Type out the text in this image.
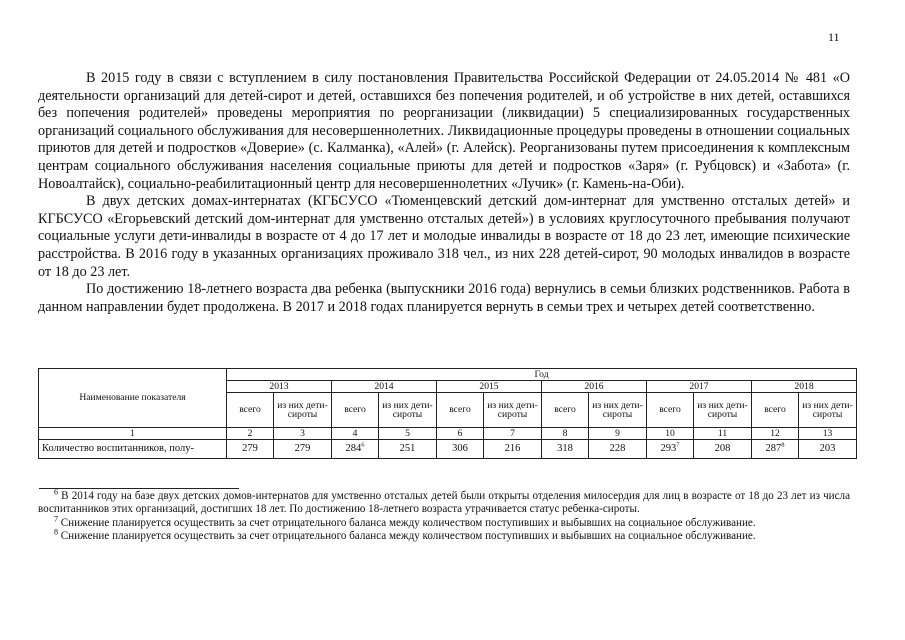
11

В 2015 году в связи с вступлением в силу постановления Правительства Российской Федерации от 24.05.2014 № 481 «О деятельности организаций для детей-сирот и детей, оставшихся без попечения родителей, и об устройстве в них детей, оставшихся без попечения родителей» проведены мероприятия по реорганизации (ликвидации) 5 специализированных государственных организаций социального обслуживания для несовершеннолетних. Ликвидационные процедуры проведены в отношении социальных приютов для детей и подростков «Доверие» (с. Калманка), «Алей» (г. Алейск). Реорганизованы путем присоединения к комплексным центрам социального обслуживания населения социальные приюты для детей и подростков «Заря» (г. Рубцовск) и «Забота» (г. Новоалтайск), социально-реабилитационный центр для несовершеннолетних «Лучик» (г. Камень-на-Оби).

В двух детских домах-интернатах (КГБСУСО «Тюменцевский детский дом-интернат для умственно отсталых детей» и КГБСУСО «Егорьевский детский дом-интернат для умственно отсталых детей») в условиях круглосуточного пребывания получают социальные услуги дети-инвалиды в возрасте от 4 до 17 лет и молодые инвалиды в возрасте от 18 до 23 лет, имеющие психические расстройства. В 2016 году в указанных организациях проживало 318 чел., из них 228 детей-сирот, 90 молодых инвалидов в возрасте от 18 до 23 лет.

По достижению 18-летнего возраста два ребенка (выпускники 2016 года) вернулись в семьи близких родственников. Работа в данном направлении будет продолжена. В 2017 и 2018 годах планируется вернуть в семьи трех и четырех детей соответственно.

Наименование показателя	Год											
	2013		2014		2015		2016		2017		2018	
	всего	из них дети-сироты	всего	из них дети-сироты	всего	из них дети-сироты	всего	из них дети-сироты	всего	из них дети-сироты	всего	из них дети-сироты
1	2	3	4	5	6	7	8	9	10	11	12	13
Количество воспитанников, полу-	279	279	$284^6$	251	306	216	318	228	$293^7$	208	$287^8$	203

$^6$ В 2014 году на базе двух детских домов-интернатов для умственно отсталых детей были открыты отделения милосердия для лиц в возрасте от 18 до 23 лет из числа воспитанников этих организаций, достигших 18 лет. По достижению 18-летнего возраста утрачивается статус ребенка-сироты.

$^7$ Снижение планируется осуществить за счет отрицательного баланса между количеством поступивших и выбывших на социальное обслуживание.

$^8$ Снижение планируется осуществить за счет отрицательного баланса между количеством поступивших и выбывших на социальное обслуживание.
